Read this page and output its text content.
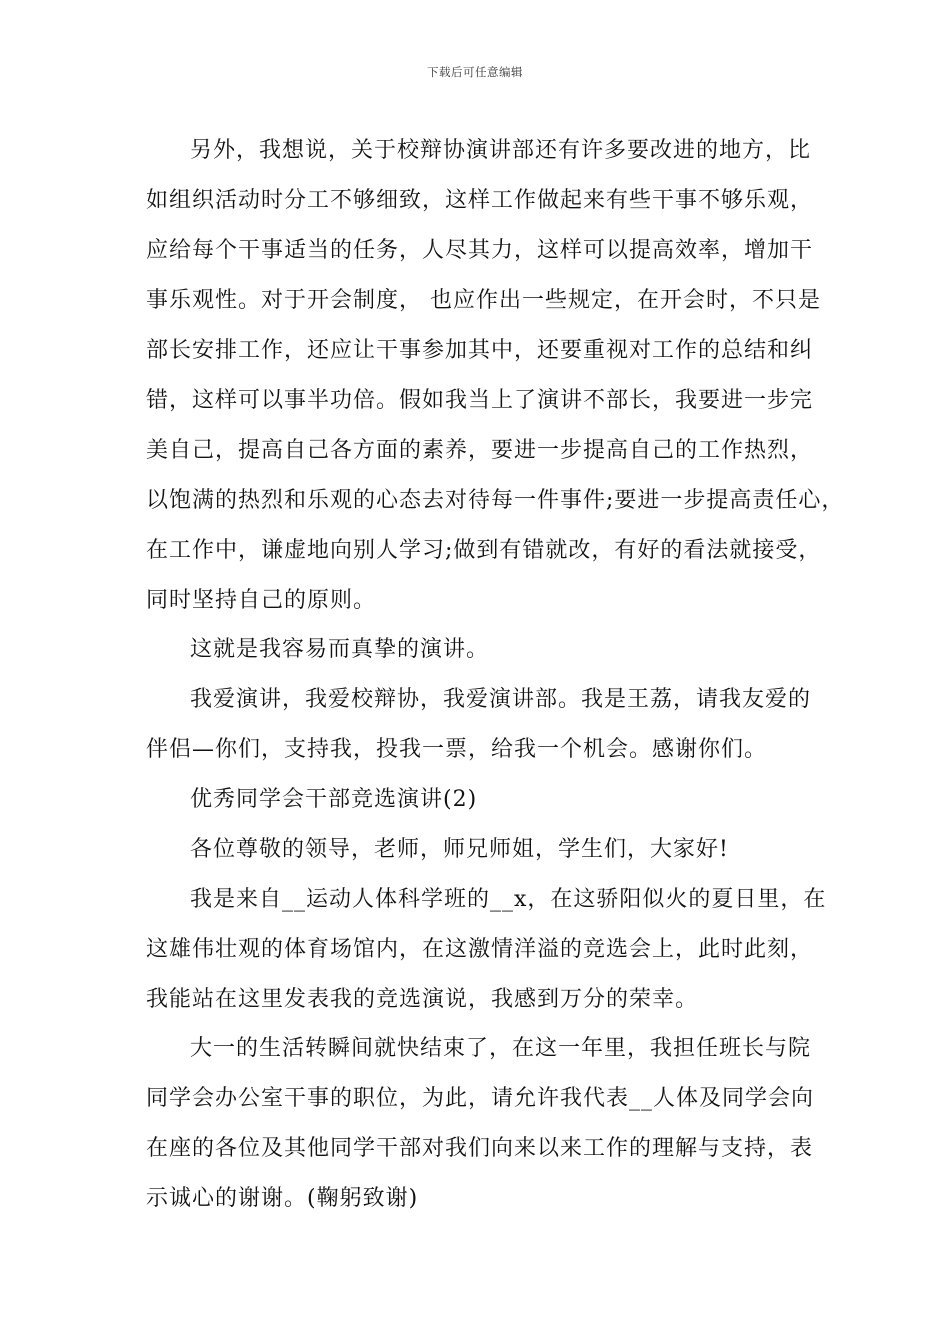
下载后可任意编辑
另外，我想说，关于校辩协演讲部还有许多要改进的地方，比
如组织活动时分工不够细致，这样工作做起来有些干事不够乐观，
应给每个干事适当的任务，人尽其力，这样可以提高效率，增加干
事乐观性。对于开会制度， 也应作出一些规定，在开会时，不只是
部长安排工作，还应让干事参加其中，还要重视对工作的总结和纠
错，这样可以事半功倍。假如我当上了演讲不部长，我要进一步完
美自己，提高自己各方面的素养，要进一步提高自己的工作热烈，
以饱满的热烈和乐观的心态去对待每一件事件;要进一步提高责任心，
在工作中，谦虚地向别人学习;做到有错就改，有好的看法就接受，
同时坚持自己的原则。
这就是我容易而真挚的演讲。
我爱演讲，我爱校辩协，我爱演讲部。我是王荔，请我友爱的
伴侣—你们，支持我，投我一票，给我一个机会。感谢你们。
优秀同学会干部竞选演讲(2)
各位尊敬的领导，老师，师兄师姐，学生们，大家好!
我是来自__运动人体科学班的__x，在这骄阳似火的夏日里，在
这雄伟壮观的体育场馆内，在这激情洋溢的竞选会上，此时此刻，
我能站在这里发表我的竞选演说，我感到万分的荣幸。
大一的生活转瞬间就快结束了，在这一年里，我担任班长与院
同学会办公室干事的职位，为此，请允许我代表__人体及同学会向
在座的各位及其他同学干部对我们向来以来工作的理解与支持，表
示诚心的谢谢。(鞠躬致谢)
